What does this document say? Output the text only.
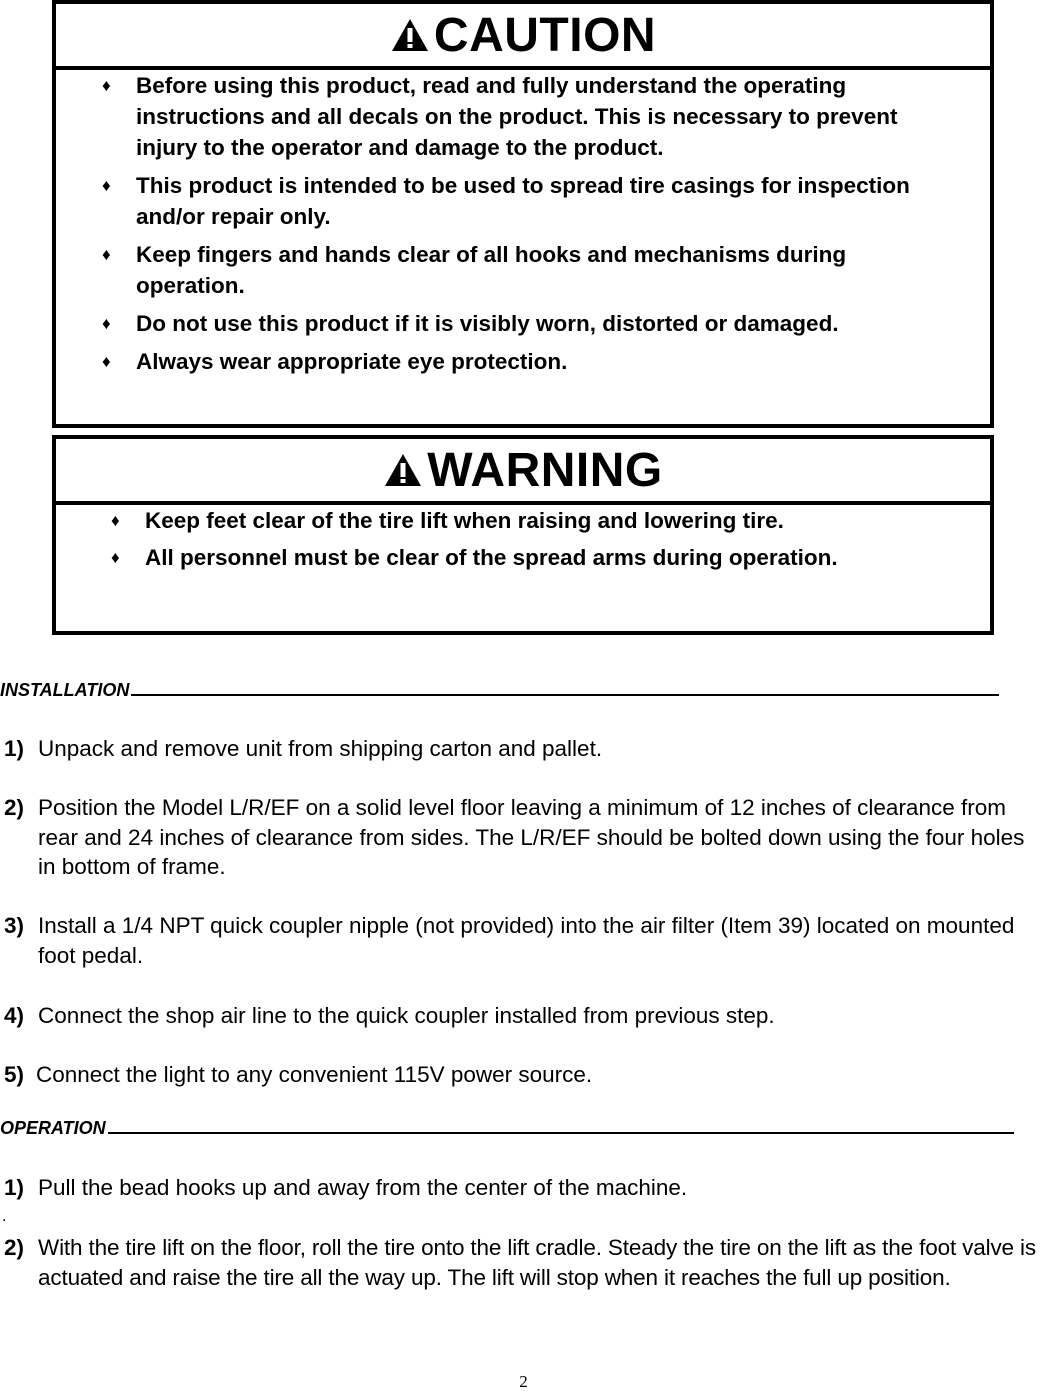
CAUTION
♦ Before using this product, read and fully understand the operating instructions and all decals on the product. This is necessary to prevent injury to the operator and damage to the product.
♦ This product is intended to be used to spread tire casings for inspection and/or repair only.
♦ Keep fingers and hands clear of all hooks and mechanisms during operation.
♦ Do not use this product if it is visibly worn, distorted or damaged.
♦ Always wear appropriate eye protection.
WARNING
♦ Keep feet clear of the tire lift when raising and lowering tire.
♦ All personnel must be clear of the spread arms during operation.
INSTALLATION
1) Unpack and remove unit from shipping carton and pallet.
2) Position the Model L/R/EF on a solid level floor leaving a minimum of 12 inches of clearance from rear and 24 inches of clearance from sides. The L/R/EF should be bolted down using the four holes in bottom of frame.
3) Install a 1/4 NPT quick coupler nipple (not provided) into the air filter (Item 39) located on mounted foot pedal.
4) Connect the shop air line to the quick coupler installed from previous step.
5) Connect the light to any convenient 115V power source.
OPERATION
1) Pull the bead hooks up and away from the center of the machine.
.
2) With the tire lift on the floor, roll the tire onto the lift cradle. Steady the tire on the lift as the foot valve is actuated and raise the tire all the way up. The lift will stop when it reaches the full up position.
2
